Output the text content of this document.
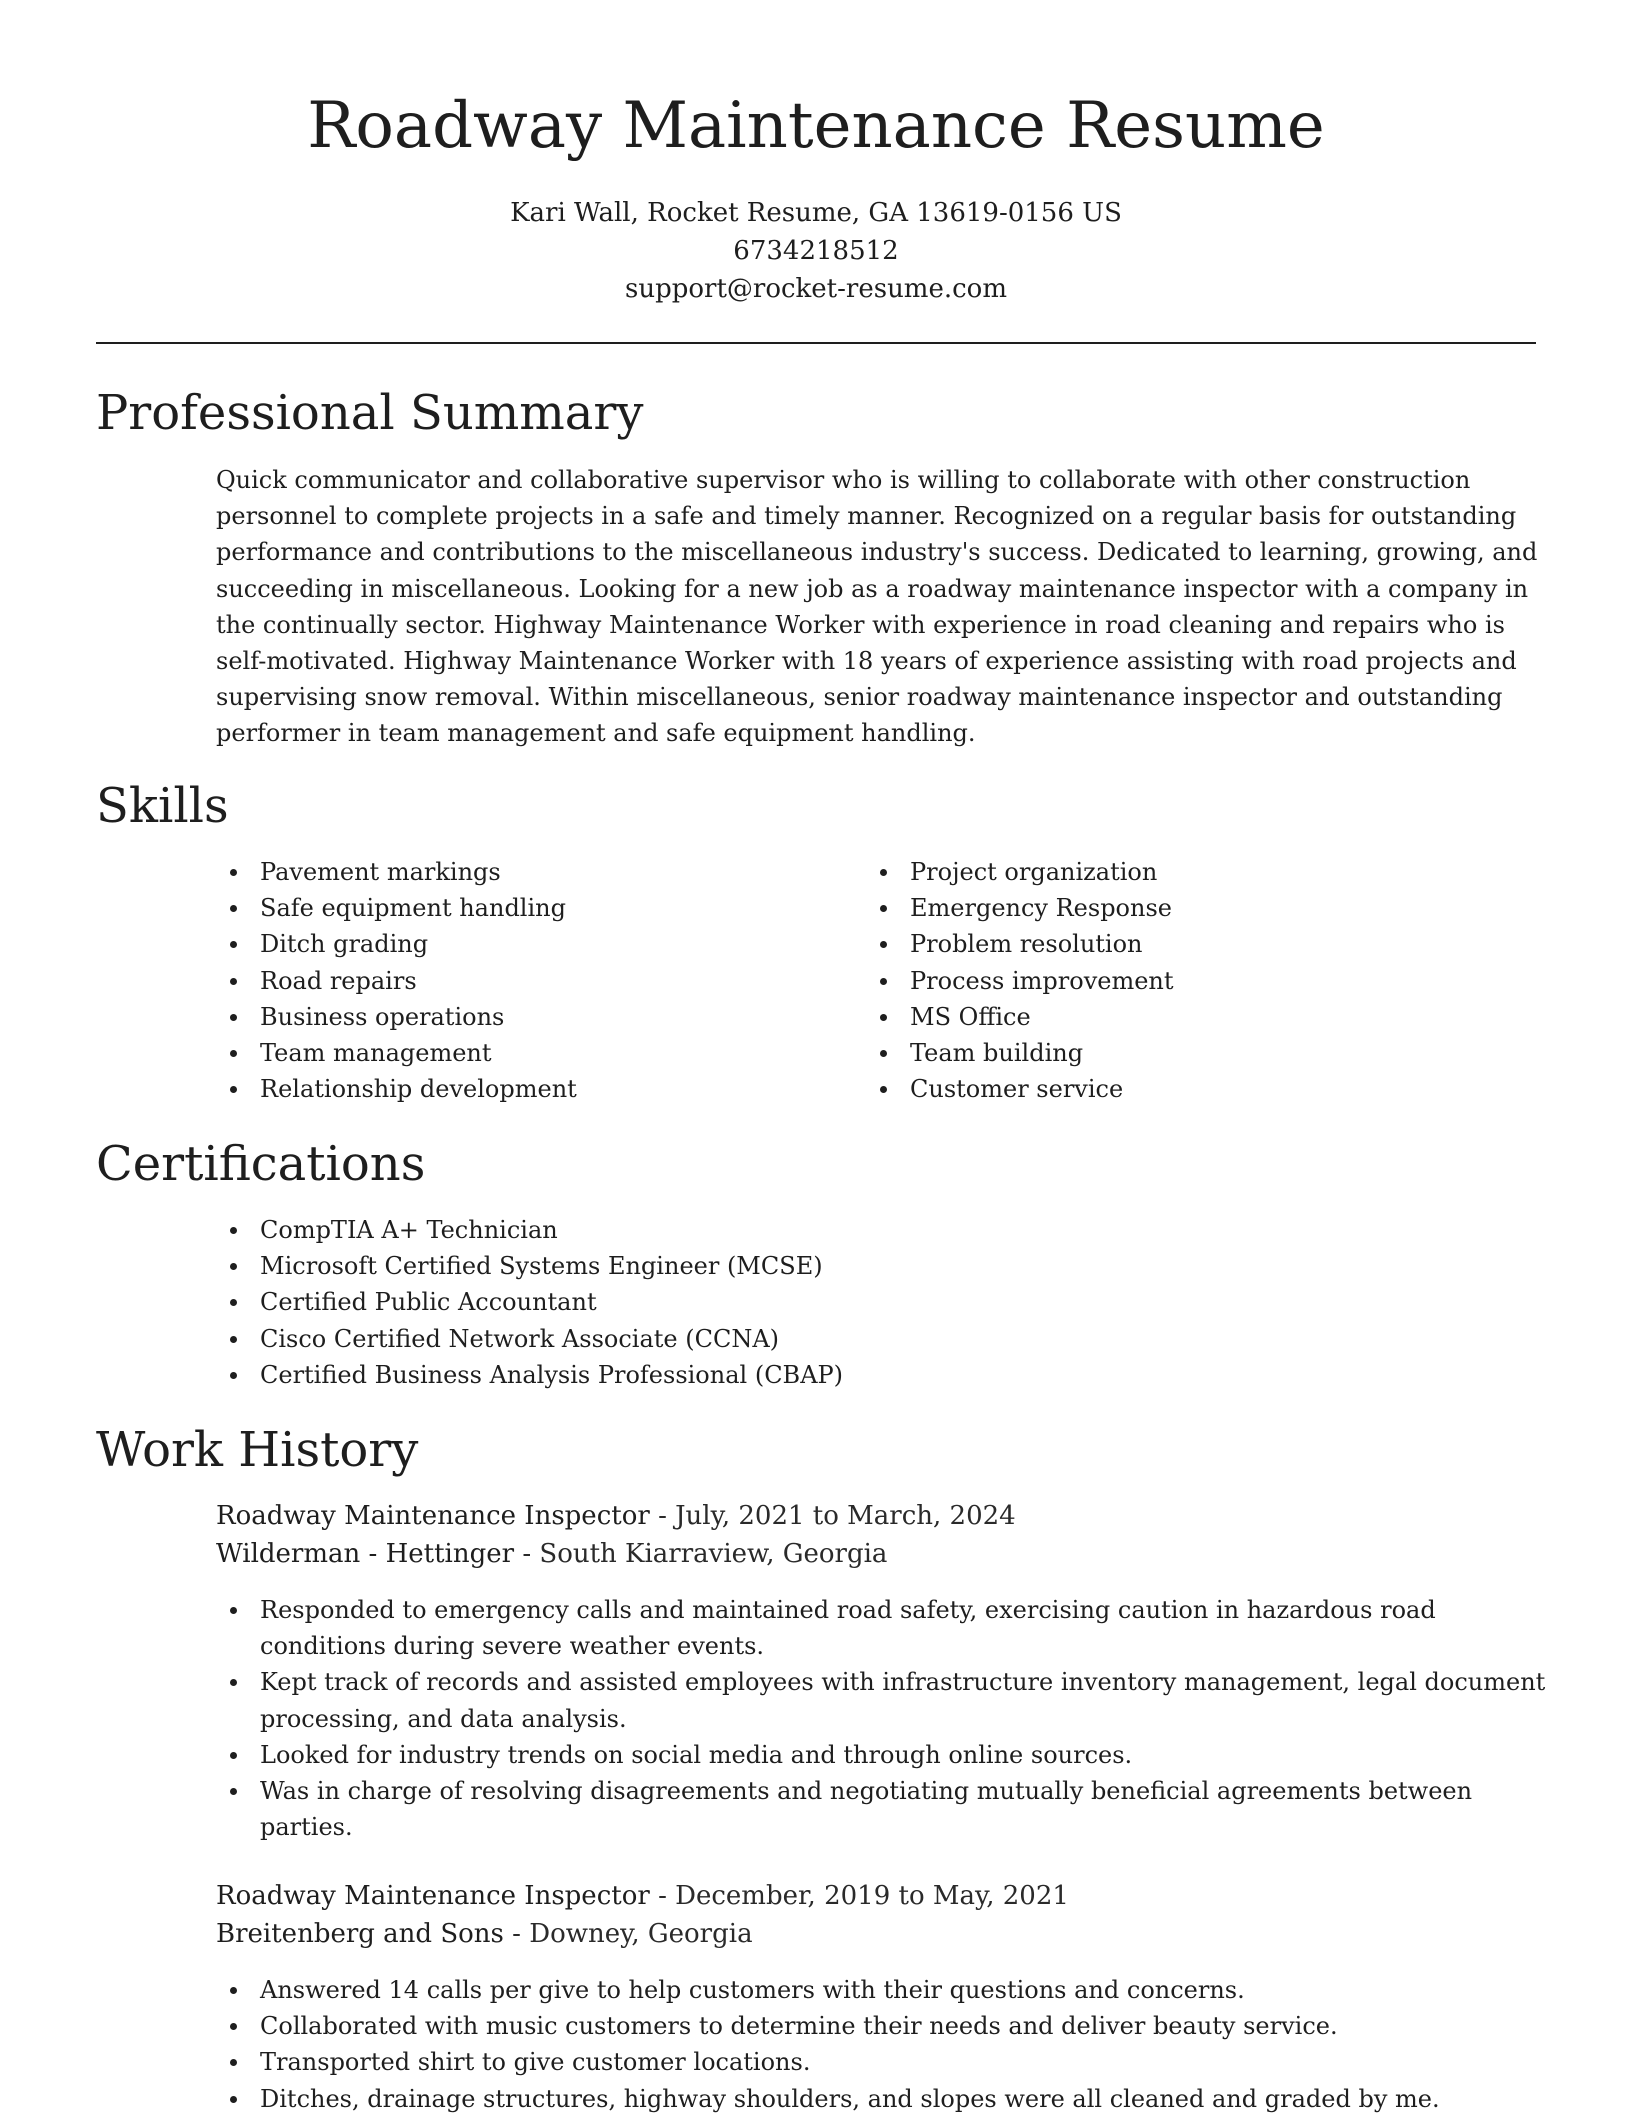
Roadway Maintenance Resume
Kari Wall, Rocket Resume, GA 13619-0156 US
6734218512
support@rocket-resume.com
Professional Summary

Quick communicator and collaborative supervisor who is willing to collaborate with other construction personnel to complete projects in a safe and timely manner. Recognized on a regular basis for outstanding performance and contributions to the miscellaneous industry's success. Dedicated to learning, growing, and succeeding in miscellaneous. Looking for a new job as a roadway maintenance inspector with a company in the continually sector. Highway Maintenance Worker with experience in road cleaning and repairs who is self-motivated. Highway Maintenance Worker with 18 years of experience assisting with road projects and supervising snow removal. Within miscellaneous, senior roadway maintenance inspector and outstanding performer in team management and safe equipment handling.

Skills
Pavement markings
Safe equipment handling
Ditch grading
Road repairs
Business operations
Team management
Relationship development
Project organization
Emergency Response
Problem resolution
Process improvement
MS Office
Team building
Customer service
Certifications
CompTIA A+ Technician
Microsoft Certified Systems Engineer (MCSE)
Certified Public Accountant
Cisco Certified Network Associate (CCNA)
Certified Business Analysis Professional (CBAP)
Work History
Roadway Maintenance Inspector - July, 2021 to March, 2024
Wilderman - Hettinger - South Kiarraview, Georgia
Responded to emergency calls and maintained road safety, exercising caution in hazardous road conditions during severe weather events.
Kept track of records and assisted employees with infrastructure inventory management, legal document processing, and data analysis.
Looked for industry trends on social media and through online sources.
Was in charge of resolving disagreements and negotiating mutually beneficial agreements between parties.
Roadway Maintenance Inspector - December, 2019 to May, 2021
Breitenberg and Sons - Downey, Georgia
Answered 14 calls per give to help customers with their questions and concerns.
Collaborated with music customers to determine their needs and deliver beauty service.
Transported shirt to give customer locations.
Ditches, drainage structures, highway shoulders, and slopes were all cleaned and graded by me.
